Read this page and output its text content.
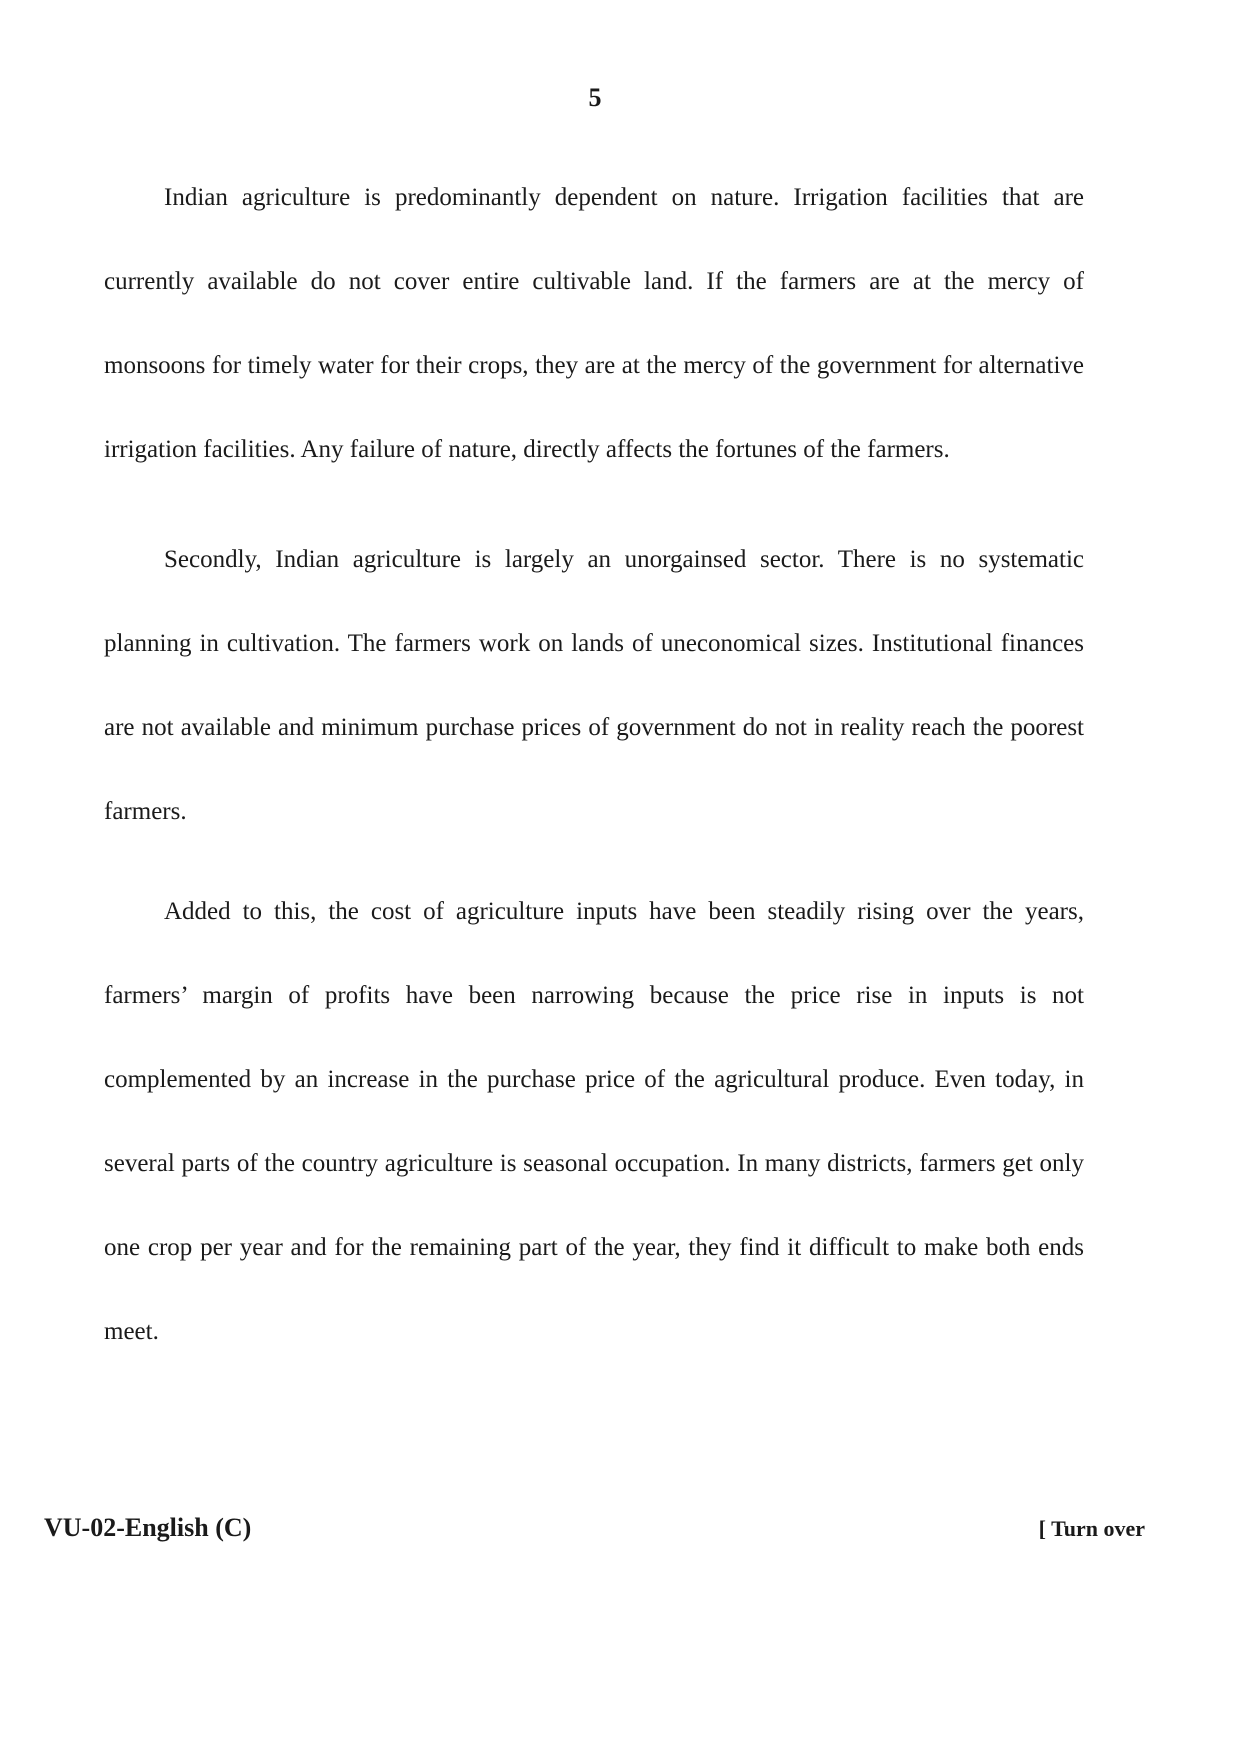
5

Indian agriculture is predominantly dependent on nature. Irrigation facilities that are currently available do not cover entire cultivable land. If the farmers are at the mercy of monsoons for timely water for their crops, they are at the mercy of the government for alternative irrigation facilities. Any failure of nature, directly affects the fortunes of the farmers.

Secondly, Indian agriculture is largely an unorgainsed sector. There is no systematic planning in cultivation. The farmers work on lands of uneconomical sizes. Institutional finances are not available and minimum purchase prices of government do not in reality reach the poorest farmers.

Added to this, the cost of agriculture inputs have been steadily rising over the years, farmers’ margin of profits have been narrowing because the price rise in inputs is not complemented by an increase in the purchase price of the agricultural produce. Even today, in several parts of the country agriculture is seasonal occupation. In many districts, farmers get only one crop per year and for the remaining part of the year, they find it difficult to make both ends meet.

VU-02-English (C)	[ Turn over
